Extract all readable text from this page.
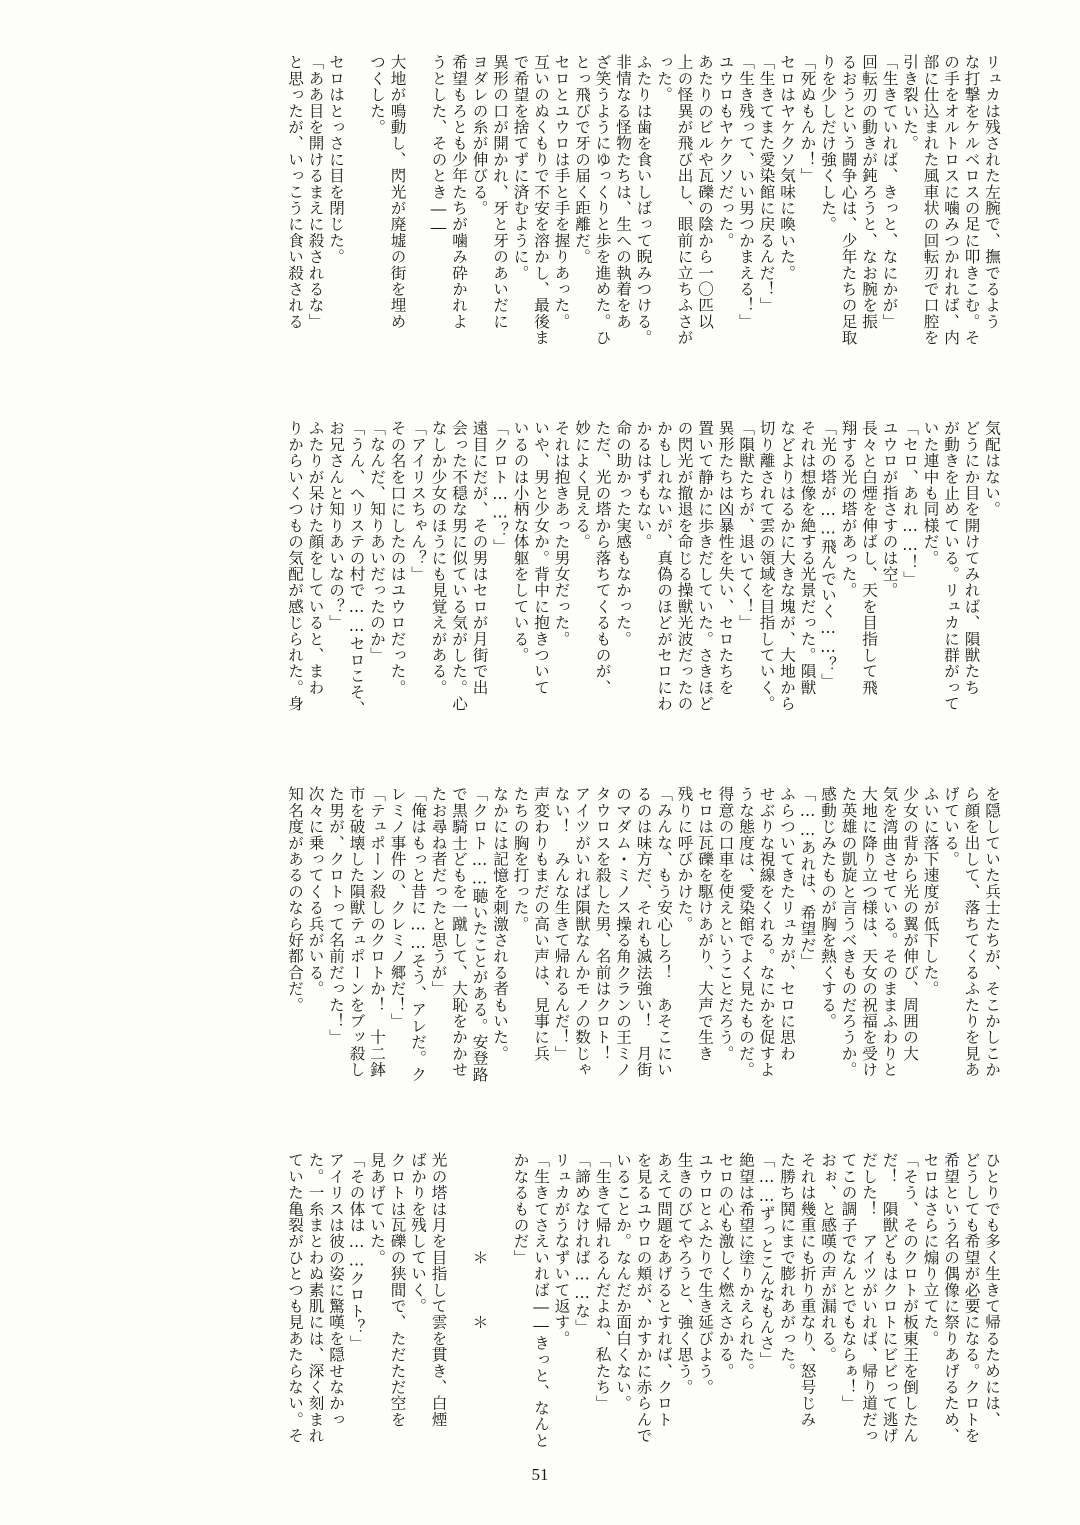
リュカは残された左腕で、撫でるよう
な打撃をケルベロスの足に叩きこむ。そ
の手をオルトロスに噛みつかれれば、内
部に仕込まれた風車状の回転刃で口腔を
引き裂いた。
「生きていれば、きっと、なにかが」
回転刃の動きが鈍ろうと、なお腕を振
るおうという闘争心は、少年たちの足取
りを少しだけ強くした。
「死ぬもんか！」
セロはヤケクソ気味に喚いた。
「生きてまた愛染館に戻るんだ！」
「生き残って、いい男つかまえる！」
ユウロもヤケクソだった。
あたりのビルや瓦礫の陰から一〇匹以
上の怪異が飛び出し、眼前に立ちふさが
った。
ふたりは歯を食いしばって睨みつける。
非情なる怪物たちは、生への執着をあ
ざ笑うようにゆっくりと歩を進めた。ひ
とっ飛びで牙の届く距離だ。
セロとユウロは手と手を握りあった。
互いのぬくもりで不安を溶かし、最後ま
で希望を捨てずに済むように。
異形の口が開かれ、牙と牙のあいだに
ヨダレの糸が伸びる。
希望もろとも少年たちが噛み砕かれよ
うとした、そのとき――

大地が鳴動し、閃光が廃墟の街を埋め
つくした。

セロはとっさに目を閉じた。
「ああ目を開けるまえに殺されるな」
と思ったが、いっこうに食い殺される
気配はない。
どうにか目を開けてみれば、隕獣たち
が動きを止めている。リュカに群がって
いた連中も同様だ。
「セロ、あれ……！」
ユウロが指さすのは空。
長々と白煙を伸ばし、天を目指して飛
翔する光の塔があった。
「光の塔が……飛んでいく……？」
それは想像を絶する光景だった。隕獣
などよりはるかに大きな塊が、大地から
切り離されて雲の領域を目指していく。
「隕獣たちが、退いてく！」
異形たちは凶暴性を失い、セロたちを
置いて静かに歩きだしていた。さきほど
の閃光が撤退を命じる操獣光波だったの
かもしれないが、真偽のほどがセロにわ
かるはずもない。
命の助かった実感もなかった。
ただ、光の塔から落ちてくるものが、
妙によく見える。
それは抱きあった男女だった。
いや、男と少女か。背中に抱きついて
いるのは小柄な体躯をしている。
「クロト……？」
遠目にだが、その男はセロが月街で出
会った不穏な男に似ている気がした。心
なしか少女のほうにも見覚えがある。
「アイリスちゃん？」
その名を口にしたのはユウロだった。
「なんだ、知りあいだったのか」
「うん、ヘリステの村で……セロこそ、
お兄さんと知りあいなの？」
ふたりが呆けた顔をしていると、まわ
りからいくつもの気配が感じられた。身
を隠していた兵士たちが、そこかしこか
ら顔を出して、落ちてくるふたりを見あ
げている。
ふいに落下速度が低下した。
少女の背から光の翼が伸び、周囲の大
気を湾曲させている。そのままふわりと
大地に降り立つ様は、天女の祝福を受け
た英雄の凱旋と言うべきものだろうか。
感動じみたものが胸を熱くする。
「……あれは、希望だ」
ふらついてきたリュカが、セロに思わ
せぶりな視線をくれる。なにかを促すよ
うな態度は、愛染館でよく見たものだ。
得意の口車を使えということだろう。
セロは瓦礫を駆けあがり、大声で生き
残りに呼びかけた。
「みんな、もう安心しろ！　あそこにい
るのは味方だ、それも滅法強い！　月街
のマダム・ミノス操る角クランの王ミノ
タウロスを殺した男、名前はクロト！
アイツがいれば隕獣なんかモノの数じゃ
ない！　みんな生きて帰れるんだ！」
声変わりもまだの高い声は、見事に兵
たちの胸を打った。
なかには記憶を刺激される者もいた。
「クロト……聴いたことがある。安登路
で黒騎士どもを一蹴して、大恥をかかせ
たお尋ね者だったと思うが」
「俺はもっと昔に……そう、アレだ。ク
レミノ事件の、クレミノ郷だ！」
「テュポーン殺しのクロトか！　十二鉢
市を破壊した隕獣テュポーンをブッ殺し
た男が、クロトって名前だった！」
次々に乗ってくる兵がいる。
知名度があるのなら好都合だ。
ひとりでも多く生きて帰るためには、
どうしても希望が必要になる。クロトを
希望という名の偶像に祭りあげるため、
セロはさらに煽り立てた。
「そう、そのクロトが板東王を倒したん
だ！　隕獣どもはクロトにビビって逃げ
だした！　アイツがいれば、帰り道だっ
てこの調子でなんとでもならぁ！」
おぉ、と感嘆の声が漏れる。
それは幾重にも折り重なり、怒号じみ
た勝ち鬨にまで膨れあがった。
「……ずっとこんなもんさ」
絶望は希望に塗りかえられた。
セロの心も激しく燃えさかる。
ユウロとふたりで生き延びよう。
生きのびてやろうと、強く思う。
あえて問題をあげるとすれば、クロト
を見るユウロの頬が、かすかに赤らんで
いることか。なんだか面白くない。
「生きて帰れるんだよね、私たち」
「諦めなければ……な」
リュカがうなずいて返す。
「生きてさえいれば――きっと、なんと
かなるものだ」

　　　　　　＊　　　＊

光の塔は月を目指して雲を貫き、白煙
ばかりを残していく。
クロトは瓦礫の狭間で、ただただ空を
見あげていた。
「その体は……クロト？」
アイリスは彼の姿に驚嘆を隠せなかっ
た。一糸まとわぬ素肌には、深く刻まれ
ていた亀裂がひとつも見あたらない。そ
51
